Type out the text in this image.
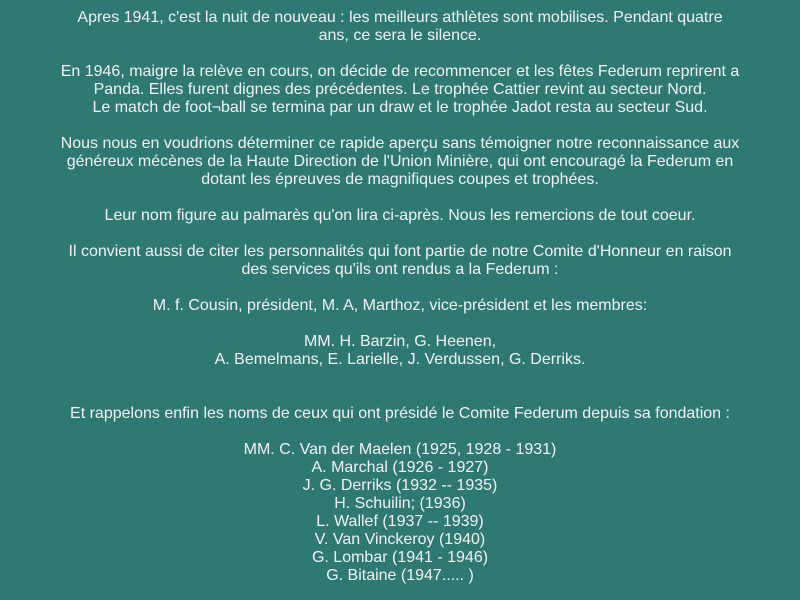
Apres 1941, c'est la nuit de nouveau : les meilleurs athlètes sont mobilises. Pendant quatre
ans, ce sera le silence.

En 1946, maigre la relève en cours, on décide de recommencer et les fêtes Federum reprirent a
Panda. Elles furent dignes des précédentes. Le trophée Cattier revint au secteur Nord.
Le match de foot¬ball se termina par un draw et le trophée Jadot resta au secteur Sud.

Nous nous en voudrions déterminer ce rapide aperçu sans témoigner notre reconnaissance aux
généreux mécènes de la Haute Direction de l'Union Minière, qui ont encouragé la Federum en
dotant les épreuves de magnifiques coupes et trophées.

Leur nom figure au palmarès qu'on lira ci-après. Nous les remercions de tout coeur.

Il convient aussi de citer les personnalités qui font partie de notre Comite d'Honneur en raison
des services qu'ils ont rendus a la Federum :

M. f. Cousin, président, M. A, Marthoz, vice-président et les membres:

MM. H. Barzin, G. Heenen,
A. Bemelmans, E. Larielle, J. Verdussen, G. Derriks.

Et rappelons enfin les noms de ceux qui ont présidé le Comite Federum depuis sa fondation :

MM. C. Van der Maelen (1925, 1928 - 1931)
A. Marchal (1926 - 1927)
J. G. Derriks (1932 -- 1935)
H. Schuilin; (1936)
L. Wallef (1937 -- 1939)
V. Van Vinckeroy (1940)
G. Lombar (1941 - 1946)
G. Bitaine (1947..... )
